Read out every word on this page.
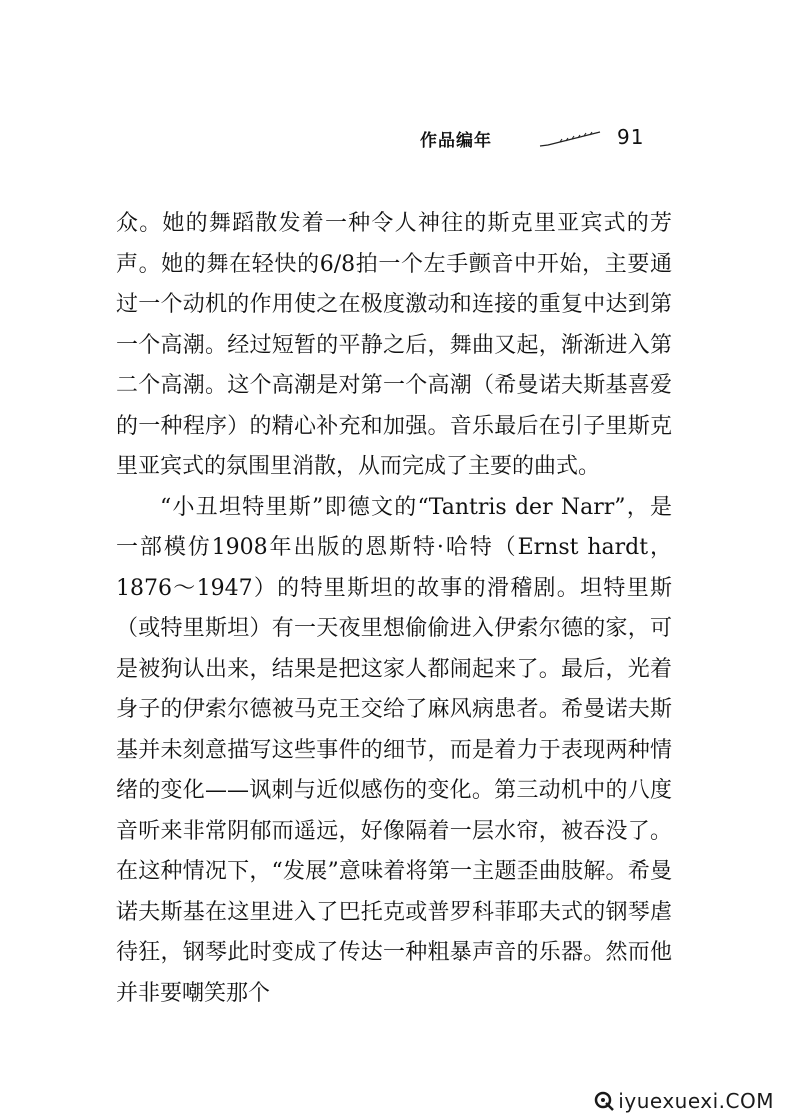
作品编年	91

众。她的舞蹈散发着一种令人神往的斯克里亚宾式的芳声。她的舞在轻快的6/8拍一个左手颤音中开始，主要通过一个动机的作用使之在极度激动和连接的重复中达到第一个高潮。经过短暂的平静之后，舞曲又起，渐渐进入第二个高潮。这个高潮是对第一个高潮（希曼诺夫斯基喜爱的一种程序）的精心补充和加强。音乐最后在引子里斯克里亚宾式的氛围里消散，从而完成了主要的曲式。

“小丑坦特里斯”即德文的“Tantris der Narr”，是一部模仿1908年出版的恩斯特·哈特（Ernst hardt，1876～1947）的特里斯坦的故事的滑稽剧。坦特里斯（或特里斯坦）有一天夜里想偷偷进入伊索尔德的家，可是被狗认出来，结果是把这家人都闹起来了。最后，光着身子的伊索尔德被马克王交给了麻风病患者。希曼诺夫斯基并未刻意描写这些事件的细节，而是着力于表现两种情绪的变化——讽刺与近似感伤的变化。第三动机中的八度音听来非常阴郁而遥远，好像隔着一层水帘，被吞没了。在这种情况下，“发展”意味着将第一主题歪曲肢解。希曼诺夫斯基在这里进入了巴托克或普罗科菲耶夫式的钢琴虐待狂，钢琴此时变成了传达一种粗暴声音的乐器。然而他并非要嘲笑那个

iyuexuexi.COM
